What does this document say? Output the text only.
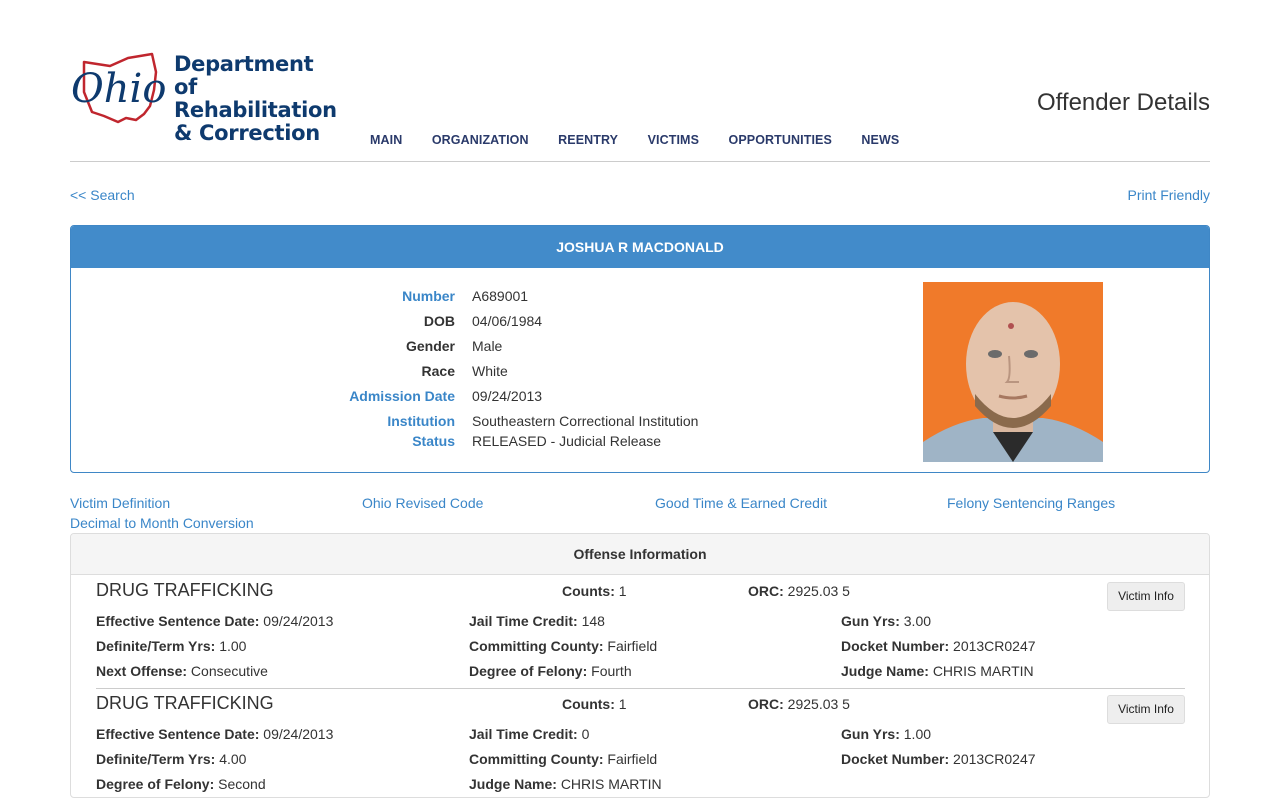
Ohio
Department of
Rehabilitation
& Correction
Offender Details
MAIN ORGANIZATION REENTRY VICTIMS OPPORTUNITIES NEWS
<< Search	Print Friendly
JOSHUA R MACDONALD
Number A689001
DOB 04/06/1984
Gender Male
Race White
Admission Date 09/24/2013
Institution Southeastern Correctional Institution
Status RELEASED - Judicial Release
Victim Definition	Ohio Revised Code	Good Time & Earned Credit	Felony Sentencing Ranges
Decimal to Month Conversion
Offense Information
DRUG TRAFFICKING	Counts: 1	ORC: 2925.03 5	Victim Info
Effective Sentence Date: 09/24/2013	Jail Time Credit: 148	Gun Yrs: 3.00
Definite/Term Yrs: 1.00	Committing County: Fairfield	Docket Number: 2013CR0247
Next Offense: Consecutive	Degree of Felony: Fourth	Judge Name: CHRIS MARTIN
DRUG TRAFFICKING	Counts: 1	ORC: 2925.03 5	Victim Info
Effective Sentence Date: 09/24/2013	Jail Time Credit: 0	Gun Yrs: 1.00
Definite/Term Yrs: 4.00	Committing County: Fairfield	Docket Number: 2013CR0247
Degree of Felony: Second	Judge Name: CHRIS MARTIN
